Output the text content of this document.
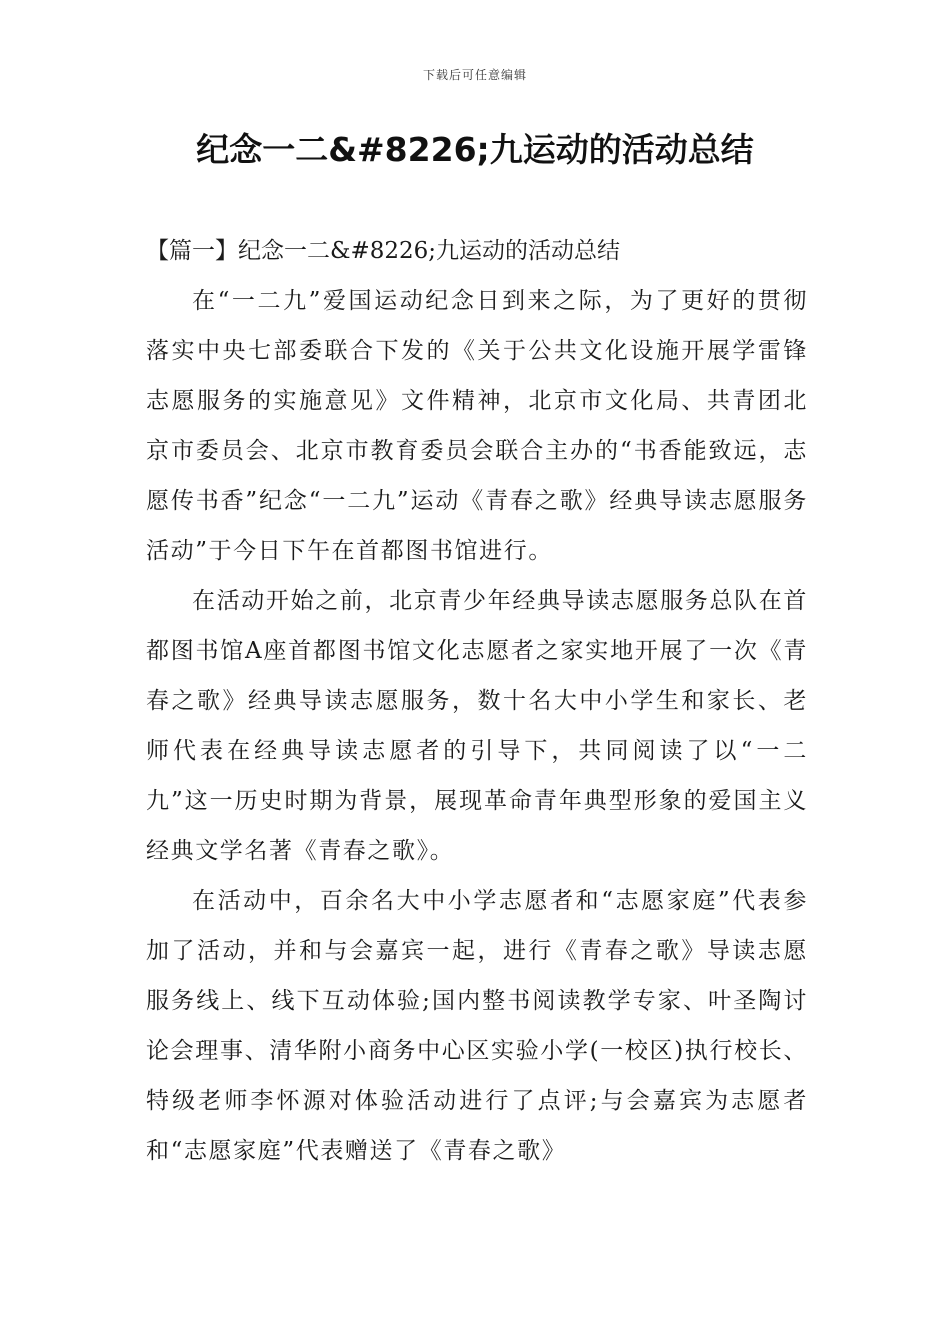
下载后可任意编辑
纪念一二&#8226;九运动的活动总结

【篇一】纪念一二&#8226;九运动的活动总结

在“一二九”爱国运动纪念日到来之际，为了更好的贯彻落实中央七部委联合下发的《关于公共文化设施开展学雷锋志愿服务的实施意见》文件精神，北京市文化局、共青团北京市委员会、北京市教育委员会联合主办的“书香能致远，志愿传书香”纪念“一二九”运动《青春之歌》经典导读志愿服务活动”于今日下午在首都图书馆进行。

在活动开始之前，北京青少年经典导读志愿服务总队在首都图书馆A座首都图书馆文化志愿者之家实地开展了一次《青春之歌》经典导读志愿服务，数十名大中小学生和家长、老师代表在经典导读志愿者的引导下，共同阅读了以“一二九”这一历史时期为背景，展现革命青年典型形象的爱国主义经典文学名著《青春之歌》。

在活动中，百余名大中小学志愿者和“志愿家庭”代表参加了活动，并和与会嘉宾一起，进行《青春之歌》导读志愿服务线上、线下互动体验;国内整书阅读教学专家、叶圣陶讨论会理事、清华附小商务中心区实验小学(一校区)执行校长、特级老师李怀源对体验活动进行了点评;与会嘉宾为志愿者和“志愿家庭”代表赠送了《青春之歌》
